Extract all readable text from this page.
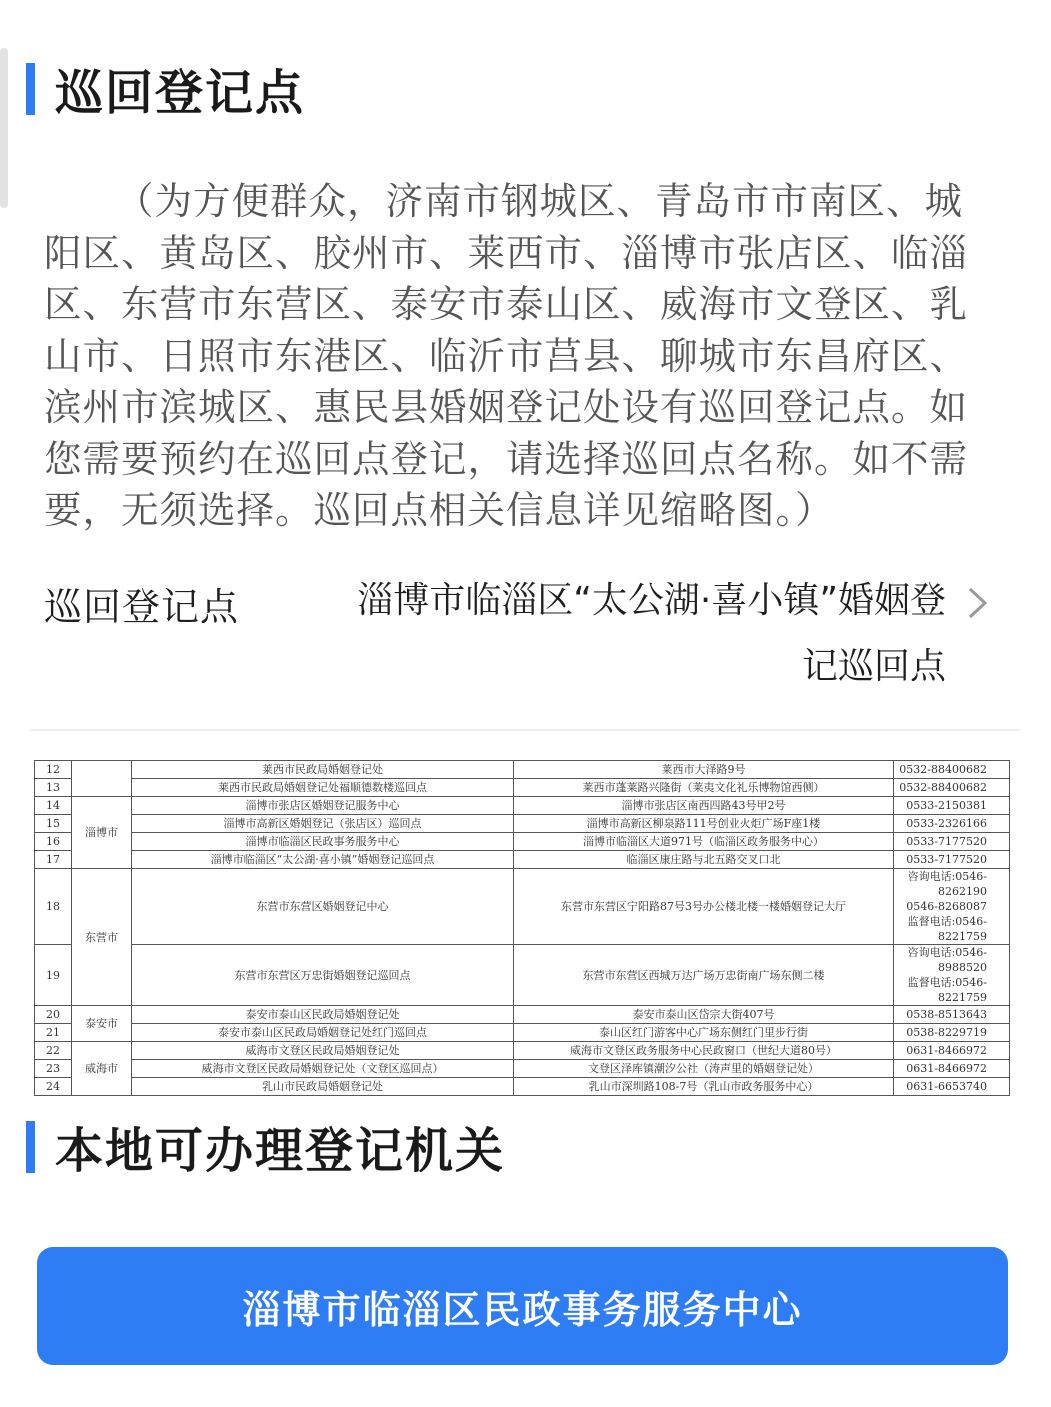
巡回登记点
（为方便群众，济南市钢城区、青岛市市南区、城阳区、黄岛区、胶州市、莱西市、淄博市张店区、临淄区、东营市东营区、泰安市泰山区、威海市文登区、乳山市、日照市东港区、临沂市莒县、聊城市东昌府区、滨州市滨城区、惠民县婚姻登记处设有巡回登记点。如您需要预约在巡回点登记，请选择巡回点名称。如不需要，无须选择。巡回点相关信息详见缩略图。）
巡回登记点	淄博市临淄区“太公湖·喜小镇”婚姻登记巡回点
12		莱西市民政局婚姻登记处	莱西市大泽路9号	0532-88400682
13		莱西市民政局婚姻登记处福顺德数楼巡回点	莱西市蓬莱路兴隆街（莱夷文化礼乐博物馆西侧）	0532-88400682
14	淄博市	淄博市张店区婚姻登记服务中心	淄博市张店区南西四路43号甲2号	0533-2150381
15		淄博市高新区婚姻登记（张店区）巡回点	淄博市高新区柳泉路111号创业火炬广场F座1楼	0533-2326166
16		淄博市临淄区民政事务服务中心	淄博市临淄区大道971号（临淄区政务服务中心）	0533-7177520
17		淄博市临淄区“太公湖·喜小镇”婚姻登记巡回点	临淄区康庄路与北五路交叉口北	0533-7177520
18	东营市	东营市东营区婚姻登记中心	东营市东营区宁阳路87号3号办公楼北楼一楼婚姻登记大厅	咨询电话:0546-8262190
0546-8268087
监督电话:0546-8221759
19		东营市东营区万忠街婚姻登记巡回点	东营市东营区西城万达广场万忠街南广场东侧二楼	咨询电话:0546-8988520
监督电话:0546-8221759
20	泰安市	泰安市泰山区民政局婚姻登记处	泰安市泰山区岱宗大街407号	0538-8513643
21		泰安市泰山区民政局婚姻登记处红门巡回点	泰山区红门游客中心广场东侧红门里步行街	0538-8229719
22	威海市	威海市文登区民政局婚姻登记处	威海市文登区政务服务中心民政窗口（世纪大道80号）	0631-8466972
23		威海市文登区民政局婚姻登记处（文登区巡回点）	文登区泽库镇潮汐公社（涛声里的婚姻登记处）	0631-8466972
24		乳山市民政局婚姻登记处	乳山市深圳路108-7号（乳山市政务服务中心）	0631-6653740
本地可办理登记机关
淄博市临淄区民政事务服务中心
